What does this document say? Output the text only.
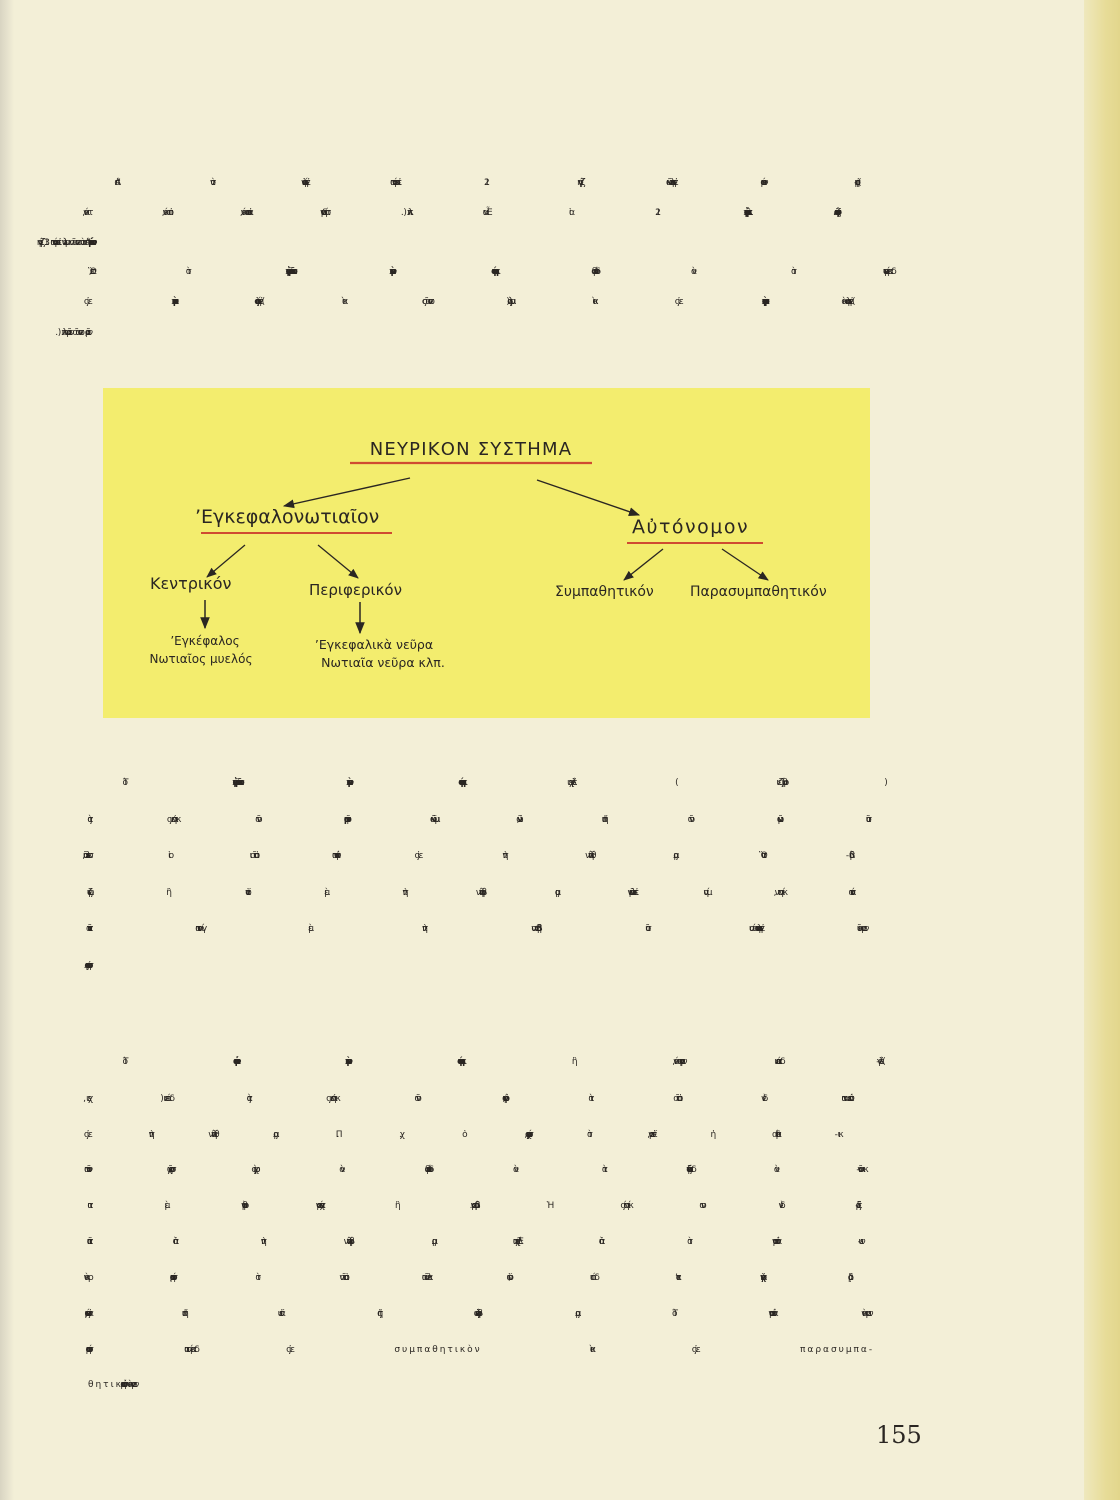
’Από τὸν ἐγκέφαλον ἐκπορεύονται 12 ζεύγη ἐγκεφαλικῶν νεύρων (ὀσφρη-
τικόν, ὀπτικόν, ἀκουστικόν, τρίδυμον κλπ.). Εἶναι αἱ 12 ἐγκεφαλικαὶ συζυγίαι.
νωτιαίων νεύρων.
Ὥστε, τὸ ἐγκεφαλονωτιαῖον νευρικὸν σύστημα δυνάμεθα νὰ τὸ διακρίνωμεν
εἰς (ἐγκέφαλος καὶ νωτιαῖος μυελὸς) καὶ εἰς (ἐγκεφαλικὰ
ΝΕΥΡΙΚΟΝ ΣΥΣΤΗΜΑ
’Εγκεφαλονωτιαῖον	Αὐτόνομον
Κεντρικόν	Περιφερικόν
’Εγκέφαλος
Νωτιαῖος μυελός
’Εγκεφαλικὰ νεῦρα
Νωτιαῖα νεῦρα κλπ.
Συμπαθητικόν	Παρασυμπαθητικόν
Τὸ ἐγκεφαλονωτιαῖον νευρικὸν σύστημα ἐλέγχει ( ρυθμίζει )
τὰς κινήσεις τῶν γραμμωτῶν μυϊκῶν ἰνῶν, ἤτοι τῶν μυῶν τοῦ
σκελετοῦ, οἱ ὁποῖοι ὑπάγονται εἰς τὴν θέλησίν μας. Ὅταν βαδί-
ζωμεν ἢ ὅταν μὲ τὴν βούλησίν μας ἐκτελοῦμεν μίαν κίνησιν, πάντα
ταῦτα γίνονται μὲ τὴν βοήθειαν τοῦ ἐγκεφαλονωτιαίου νευρικοῦ
Τὸ αὐτόνομον νευρικὸν σύστημα ἢ νευροφυτικόν, διατάσσει (ἐλέγ-
χει, διέπει) τὰς κινήσεις τῶν ὀργάνων, τὰ ὁποῖα δὲν ὑπόκεινται
εἰς τὴν θέλησίν μας. Π. χ. ὁ στόμαχος, τὸ ἔντερον, ἡ καρδία κι-
νοῦνται συνεχῶς, χωρὶς νὰ δυνάμεθα νὰ τὰ διατάξωμεν νὰ κινοῦν-
ται μὲ ρυθμὸν ταχύτερον ἢ βραδύτερον. Ἡ κίνησίς των δὲν ἐξαρ-
τᾶται ἀπὸ τὴν βούλησίν μας. Ἐλέγχεται ἀπὸ τὸ αὐτόνομον νευ-
ρικὸν σύστημα, τὸ ὁποῖον καλεῖται οὕτω, διότι κατ’ ἀρχὴν δρᾷ
αὐτονόμως, ἤτοι ἄνευ τῆς βουλήσεώς μας. Τὸ αὐτόνομον νευρικὸν
σύστημα διακρίνεται εἰς συμπαθητικὸν καὶ εἰς παρασυμπα-
θητικὸν
155
